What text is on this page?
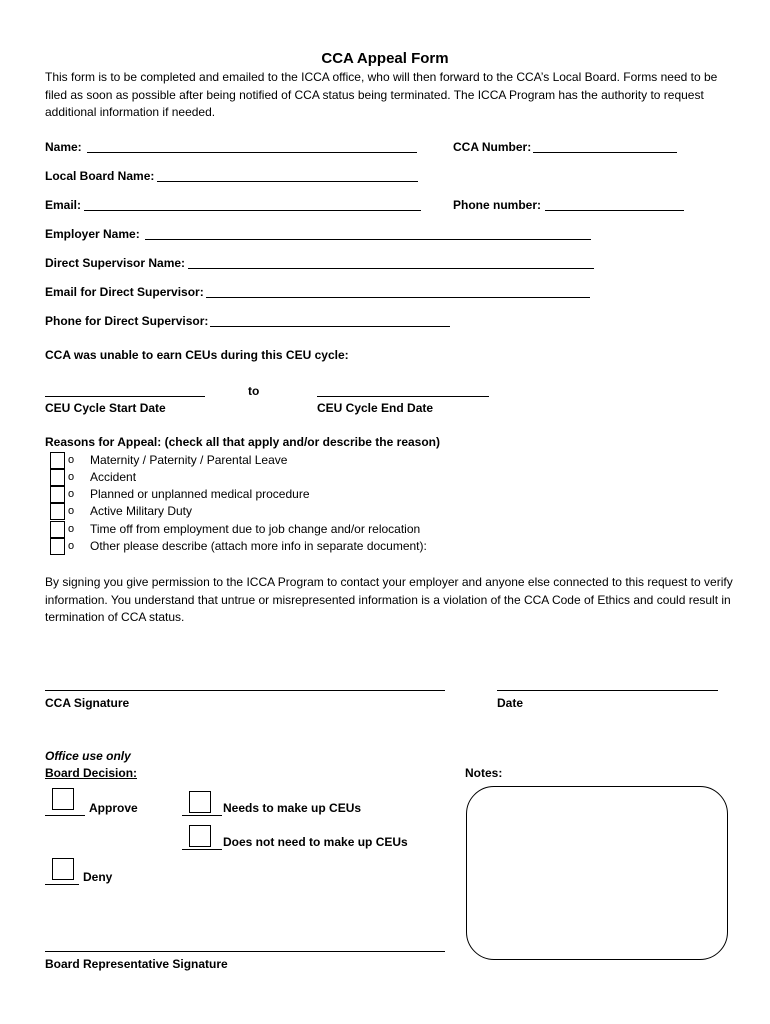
CCA Appeal Form
This form is to be completed and emailed to the ICCA office, who will then forward to the CCA’s Local Board. Forms need to be filed as soon as possible after being notified of CCA status being terminated. The ICCA Program has the authority to request additional information if needed.
Name:	CCA Number:
Local Board Name:
Email:	Phone number:
Employer Name:
Direct Supervisor Name:
Email for Direct Supervisor:
Phone for Direct Supervisor:
CCA was unable to earn CEUs during this CEU cycle:
to
CEU Cycle Start Date	CEU Cycle End Date
Reasons for Appeal: (check all that apply and/or describe the reason)
o Maternity / Paternity / Parental Leave
o Accident
o Planned or unplanned medical procedure
o Active Military Duty
o Time off from employment due to job change and/or relocation
o Other please describe (attach more info in separate document):
By signing you give permission to the ICCA Program to contact your employer and anyone else connected to this request to verify information. You understand that untrue or misrepresented information is a violation of the CCA Code of Ethics and could result in termination of CCA status.
CCA Signature	Date
Office use only
Board Decision:	Notes:
Approve	Needs to make up CEUs
Does not need to make up CEUs
Deny
Board Representative Signature
